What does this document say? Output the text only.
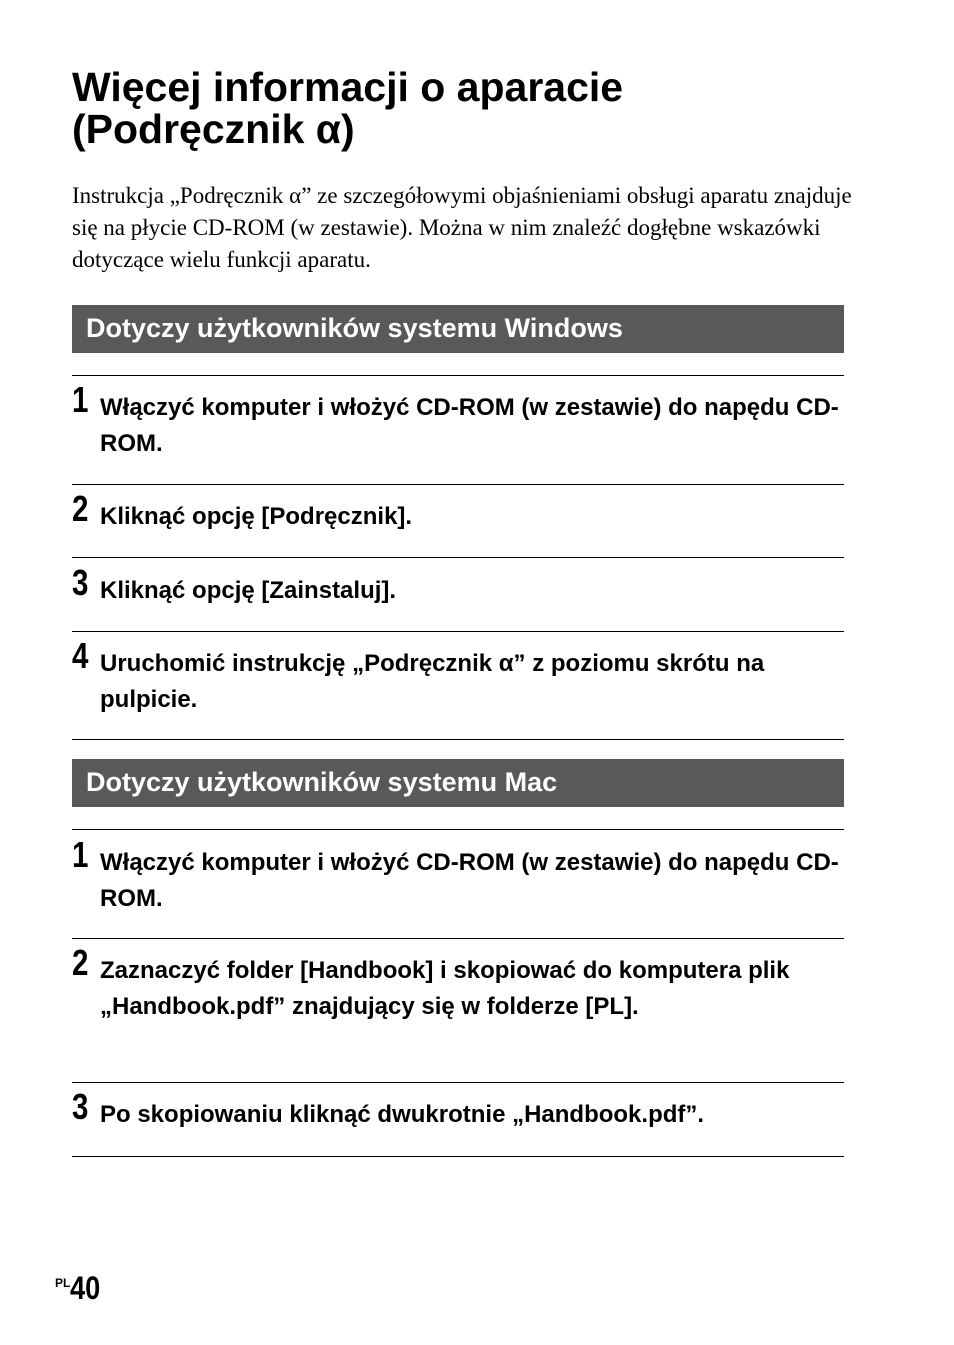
Więcej informacji o aparacie (Podręcznik α)

Instrukcja „Podręcznik α” ze szczegółowymi objaśnieniami obsługi aparatu znajduje się na płycie CD-ROM (w zestawie). Można w nim znaleźć dogłębne wskazówki dotyczące wielu funkcji aparatu.

Dotyczy użytkowników systemu Windows
1 Włączyć komputer i włożyć CD-ROM (w zestawie) do napędu CD-ROM.
2 Kliknąć opcję [Podręcznik].
3 Kliknąć opcję [Zainstaluj].
4 Uruchomić instrukcję „Podręcznik α” z poziomu skrótu na pulpicie.
Dotyczy użytkowników systemu Mac
1 Włączyć komputer i włożyć CD-ROM (w zestawie) do napędu CD-ROM.
2 Zaznaczyć folder [Handbook] i skopiować do komputera plik „Handbook.pdf” znajdujący się w folderze [PL].
3 Po skopiowaniu kliknąć dwukrotnie „Handbook.pdf”.
$^{PL}$40
